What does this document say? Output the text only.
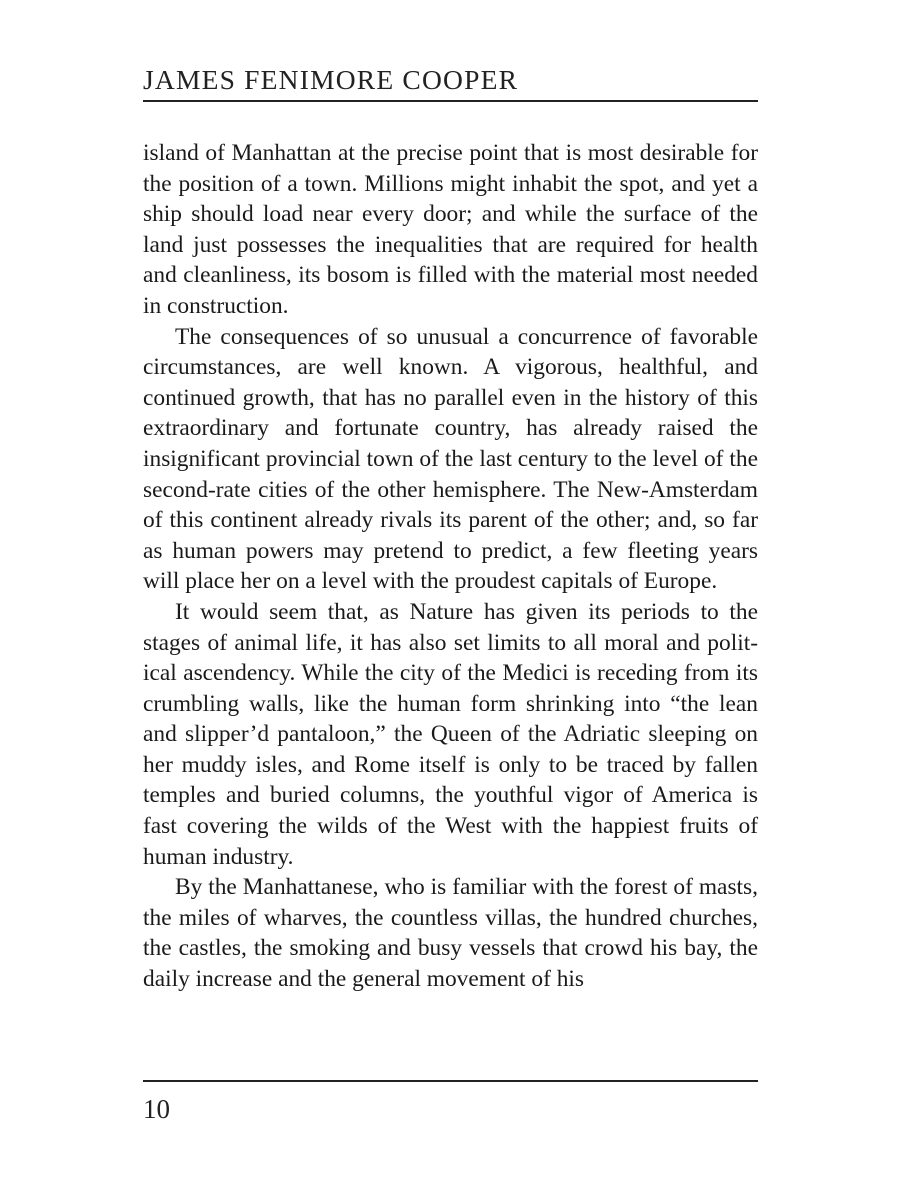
JAMES FENIMORE COOPER

island of Manhattan at the precise point that is most desirable for the position of a town. Millions might inhabit the spot, and yet a ship should load near every door; and while the surface of the land just possesses the inequalities that are required for health and cleanliness, its bosom is filled with the material most needed in construction.

The consequences of so unusual a concurrence of favorable circumstances, are well known. A vigorous, healthful, and continued growth, that has no parallel even in the history of this extraordinary and fortunate country, has already raised the insignificant provincial town of the last century to the level of the second-rate cities of the other hemisphere. The New-Amsterdam of this continent already rivals its parent of the other; and, so far as human powers may pretend to predict, a few fleeting years will place her on a level with the proudest capitals of Europe.

It would seem that, as Nature has given its periods to the stages of animal life, it has also set limits to all moral and political ascendency. While the city of the Medici is receding from its crumbling walls, like the human form shrinking into “the lean and slipper’d pantaloon,” the Queen of the Adriatic sleeping on her muddy isles, and Rome itself is only to be traced by fallen temples and buried columns, the youthful vigor of America is fast covering the wilds of the West with the happiest fruits of human industry.

By the Manhattanese, who is familiar with the forest of masts, the miles of wharves, the countless villas, the hundred churches, the castles, the smoking and busy vessels that crowd his bay, the daily increase and the general movement of his

10
